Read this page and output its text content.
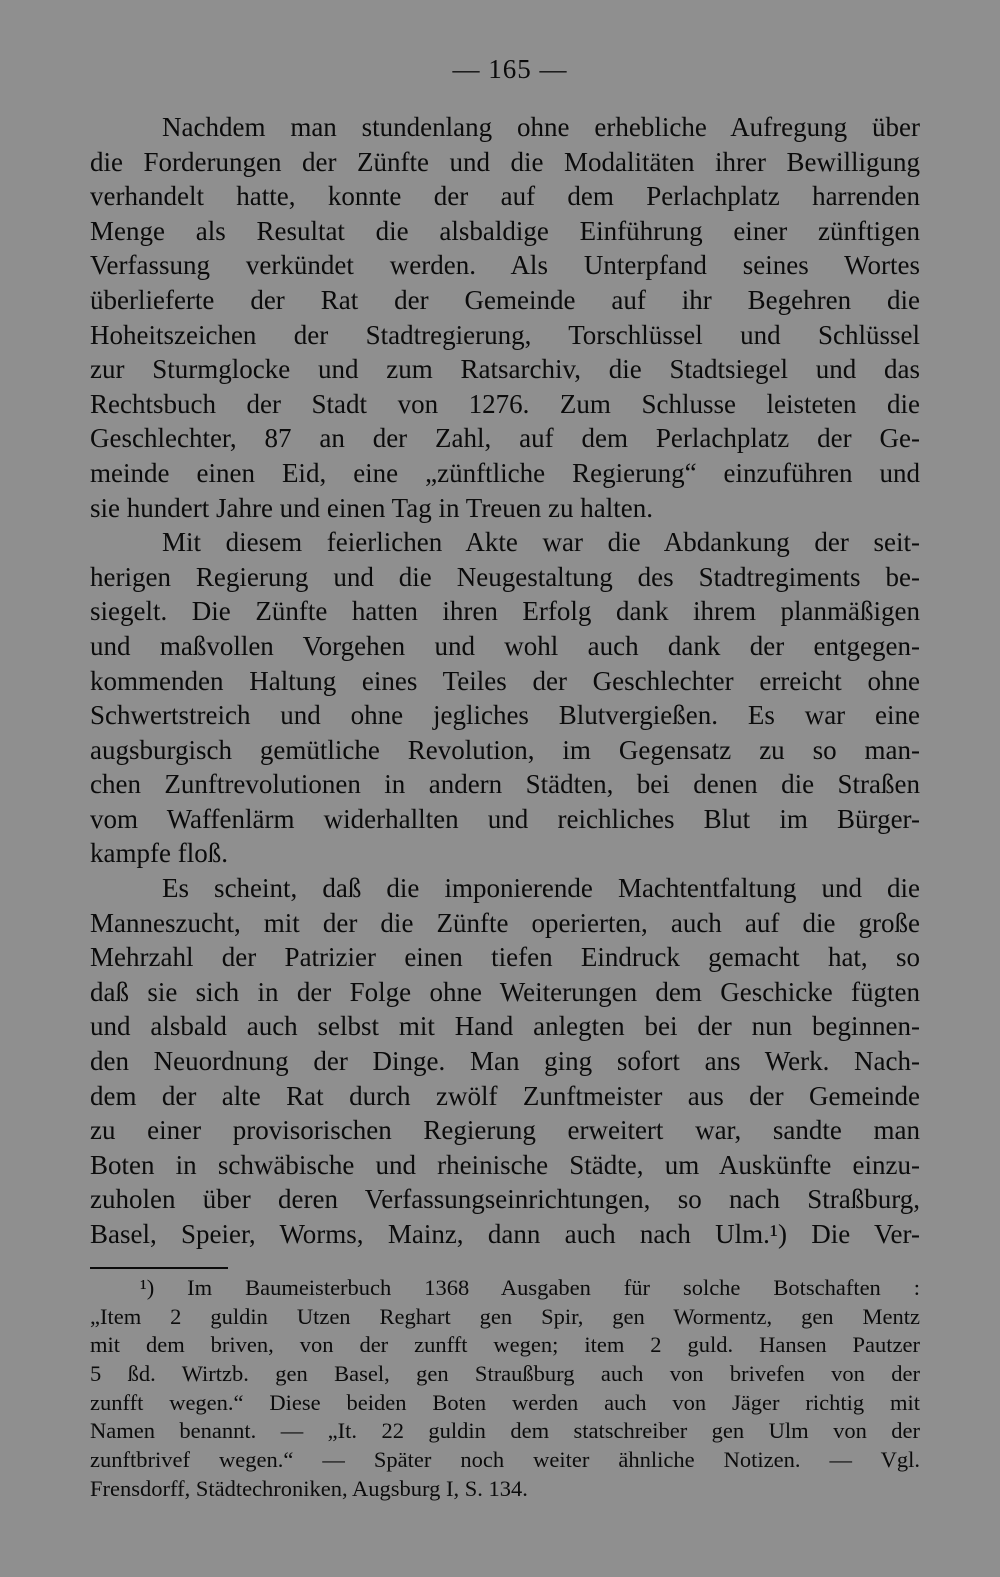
— 165 —
Nachdem man stundenlang ohne erhebliche Aufregung über
die Forderungen der Zünfte und die Modalitäten ihrer Bewilligung
verhandelt hatte, konnte der auf dem Perlachplatz harrenden
Menge als Resultat die alsbaldige Einführung einer zünftigen
Verfassung verkündet werden. Als Unterpfand seines Wortes
überlieferte der Rat der Gemeinde auf ihr Begehren die
Hoheitszeichen der Stadtregierung, Torschlüssel und Schlüssel
zur Sturmglocke und zum Ratsarchiv, die Stadtsiegel und das
Rechtsbuch der Stadt von 1276. Zum Schlusse leisteten die
Geschlechter, 87 an der Zahl, auf dem Perlachplatz der Ge-
meinde einen Eid, eine „zünftliche Regierung“ einzuführen und
sie hundert Jahre und einen Tag in Treuen zu halten.
Mit diesem feierlichen Akte war die Abdankung der seit-
herigen Regierung und die Neugestaltung des Stadtregiments be-
siegelt. Die Zünfte hatten ihren Erfolg dank ihrem planmäßigen
und maßvollen Vorgehen und wohl auch dank der entgegen-
kommenden Haltung eines Teiles der Geschlechter erreicht ohne
Schwertstreich und ohne jegliches Blutvergießen. Es war eine
augsburgisch gemütliche Revolution, im Gegensatz zu so man-
chen Zunftrevolutionen in andern Städten, bei denen die Straßen
vom Waffenlärm widerhallten und reichliches Blut im Bürger-
kampfe floß.
Es scheint, daß die imponierende Machtentfaltung und die
Manneszucht, mit der die Zünfte operierten, auch auf die große
Mehrzahl der Patrizier einen tiefen Eindruck gemacht hat, so
daß sie sich in der Folge ohne Weiterungen dem Geschicke fügten
und alsbald auch selbst mit Hand anlegten bei der nun beginnen-
den Neuordnung der Dinge. Man ging sofort ans Werk. Nach-
dem der alte Rat durch zwölf Zunftmeister aus der Gemeinde
zu einer provisorischen Regierung erweitert war, sandte man
Boten in schwäbische und rheinische Städte, um Auskünfte einzu-
zuholen über deren Verfassungseinrichtungen, so nach Straßburg,
Basel, Speier, Worms, Mainz, dann auch nach Ulm.¹) Die Ver-
¹) Im Baumeisterbuch 1368 Ausgaben für solche Botschaften :
„Item 2 guldin Utzen Reghart gen Spir, gen Wormentz, gen Mentz
mit dem briven, von der zunfft wegen; item 2 guld. Hansen Pautzer
5 ßd. Wirtzb. gen Basel, gen Straußburg auch von brivefen von der
zunfft wegen.“ Diese beiden Boten werden auch von Jäger richtig mit
Namen benannt. — „It. 22 guldin dem statschreiber gen Ulm von der
zunftbrivef wegen.“ — Später noch weiter ähnliche Notizen. — Vgl.
Frensdorff, Städtechroniken, Augsburg I, S. 134.
